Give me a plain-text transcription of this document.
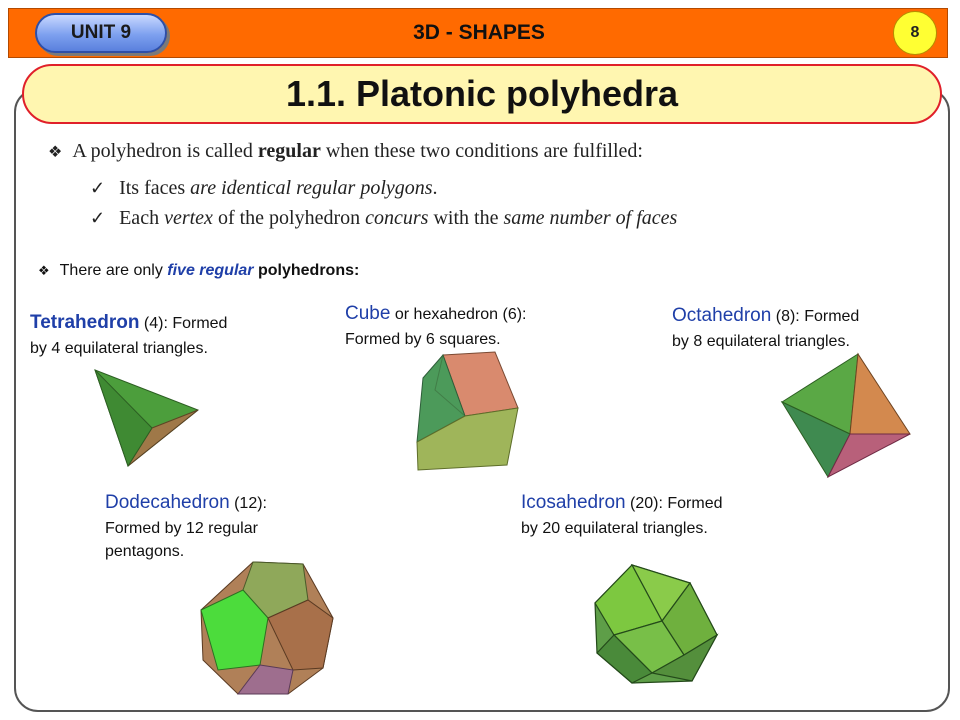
UNIT 9	3D - SHAPES	8
1.1. Platonic polyhedra
❖ A polyhedron is called regular when these two conditions are fulfilled:
✓ Its faces are identical regular polygons.
✓ Each vertex of the polyhedron concurs with the same number of faces
❖ There are only five regular polyhedrons:
Tetrahedron (4): Formed
by 4 equilateral triangles.
Cube or hexahedron (6):
Formed by 6 squares.
Octahedron (8): Formed
by 8 equilateral triangles.
Dodecahedron (12):
Formed by 12 regular
pentagons.
Icosahedron (20): Formed
by 20 equilateral triangles.
